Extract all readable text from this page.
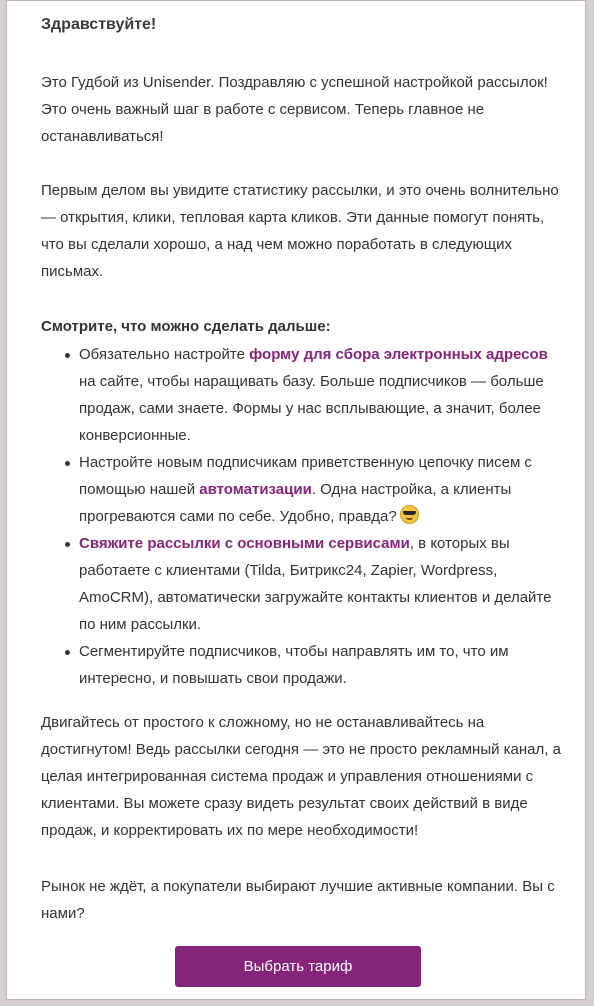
Здравствуйте!

Это Гудбой из Unisender. Поздравляю с успешной настройкой рассылок!
Это очень важный шаг в работе с сервисом. Теперь главное не
останавливаться!

Первым делом вы увидите статистику рассылки, и это очень волнительно
— открытия, клики, тепловая карта кликов. Эти данные помогут понять,
что вы сделали хорошо, а над чем можно поработать в следующих
письмах.

Смотрите, что можно сделать дальше:
Обязательно настройте форму для сбора электронных адресов
на сайте, чтобы наращивать базу. Больше подписчиков — больше
продаж, сами знаете. Формы у нас всплывающие, а значит, более
конверсионные.
Настройте новым подписчикам приветственную цепочку писем с
помощью нашей автоматизации. Одна настройка, а клиенты
прогреваются сами по себе. Удобно, правда?
Свяжите рассылки с основными сервисами, в которых вы
работаете с клиентами (Tilda, Битрикс24, Zapier, Wordpress,
AmoCRM), автоматически загружайте контакты клиентов и делайте
по ним рассылки.
Сегментируйте подписчиков, чтобы направлять им то, что им
интересно, и повышать свои продажи.

Двигайтесь от простого к сложному, но не останавливайтесь на
достигнутом! Ведь рассылки сегодня — это не просто рекламный канал, а
целая интегрированная система продаж и управления отношениями с
клиентами. Вы можете сразу видеть результат своих действий в виде
продаж, и корректировать их по мере необходимости!

Рынок не ждёт, а покупатели выбирают лучшие активные компании. Вы с
нами?

Выбрать тариф
